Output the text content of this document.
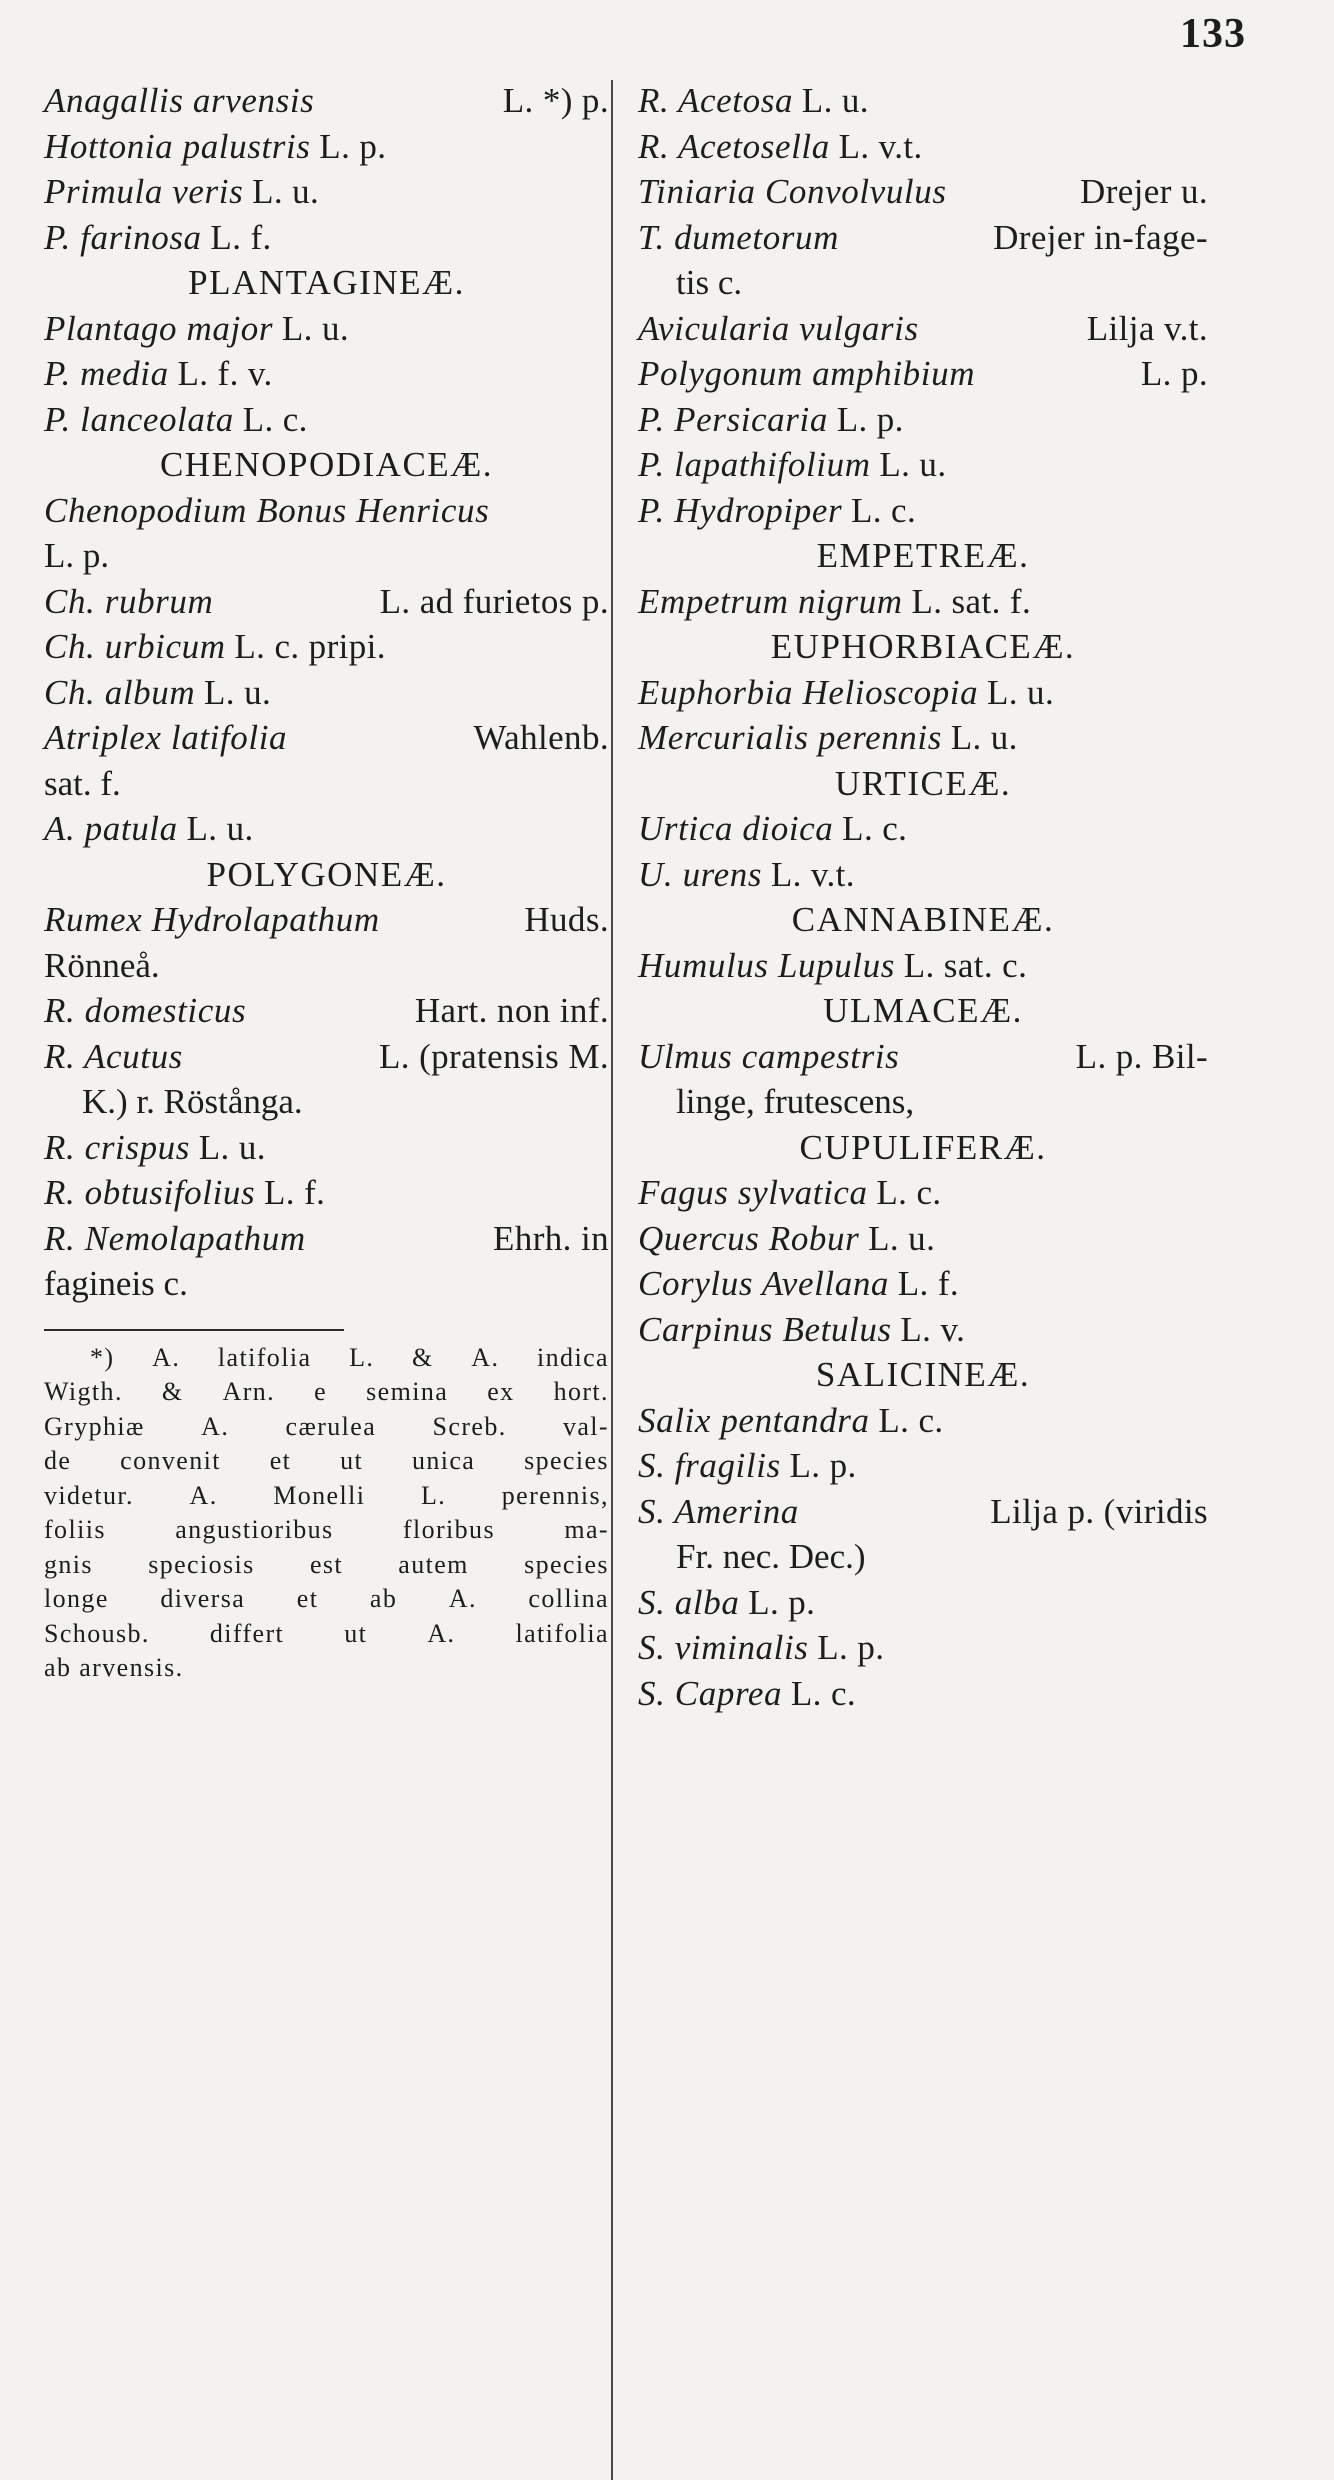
133
Anagallis arvensis	L. *) p.
Hottonia palustris L. p.
Primula veris L. u.
P. farinosa L. f.
PLANTAGINEÆ.
Plantago major L. u.
P. media L. f. v.
P. lanceolata L. c.
CHENOPODIACEÆ.
Chenopodium Bonus Henricus
L. p.
Ch. rubrum	L. ad furietos p.
Ch. urbicum L. c. pripi.
Ch. album L. u.
Atriplex latifolia	Wahlenb.
sat. f.
A. patula L. u.
POLYGONEÆ.
Rumex Hydrolapathum	Huds.
Rönneå.
R. domesticus	Hart. non inf.
R. Acutus	L. (pratensis M.
K.) r. Röstånga.
R. crispus L. u.
R. obtusifolius L. f.
R. Nemolapathum	Ehrh. in
fagineis c.
*) A. latifolia L. & A. indica
Wigth. & Arn. e semina ex hort.
Gryphiæ A. cærulea Screb. val-
de convenit et ut unica species
videtur. A. Monelli L. perennis,
foliis	angustioribus	floribus	ma-
gnis speciosis est autem species
longe diversa et ab A. collina
Schousb. differt ut A. latifolia
ab arvensis.
R. Acetosa L. u.
R. Acetosella L. v.t.
Tiniaria Convolvulus	Drejer u.
T. dumetorum	Drejer in-fage-
tis c.
Avicularia vulgaris	Lilja v.t.
Polygonum amphibium	L. p.
P. Persicaria L. p.
P. lapathifolium L. u.
P. Hydropiper L. c.
EMPETREÆ.
Empetrum nigrum L. sat. f.
EUPHORBIACEÆ.
Euphorbia Helioscopia L. u.
Mercurialis perennis L. u.
URTICEÆ.
Urtica dioica L. c.
U. urens L. v.t.
CANNABINEÆ.
Humulus Lupulus L. sat. c.
ULMACEÆ.
Ulmus campestris	L. p. Bil-
linge, frutescens,
CUPULIFERÆ.
Fagus sylvatica L. c.
Quercus Robur L. u.
Corylus Avellana L. f.
Carpinus Betulus L. v.
SALICINEÆ.
Salix pentandra L. c.
S. fragilis L. p.
S. Amerina	Lilja p. (viridis
Fr. nec. Dec.)
S. alba L. p.
S. viminalis L. p.
S. Caprea L. c.
